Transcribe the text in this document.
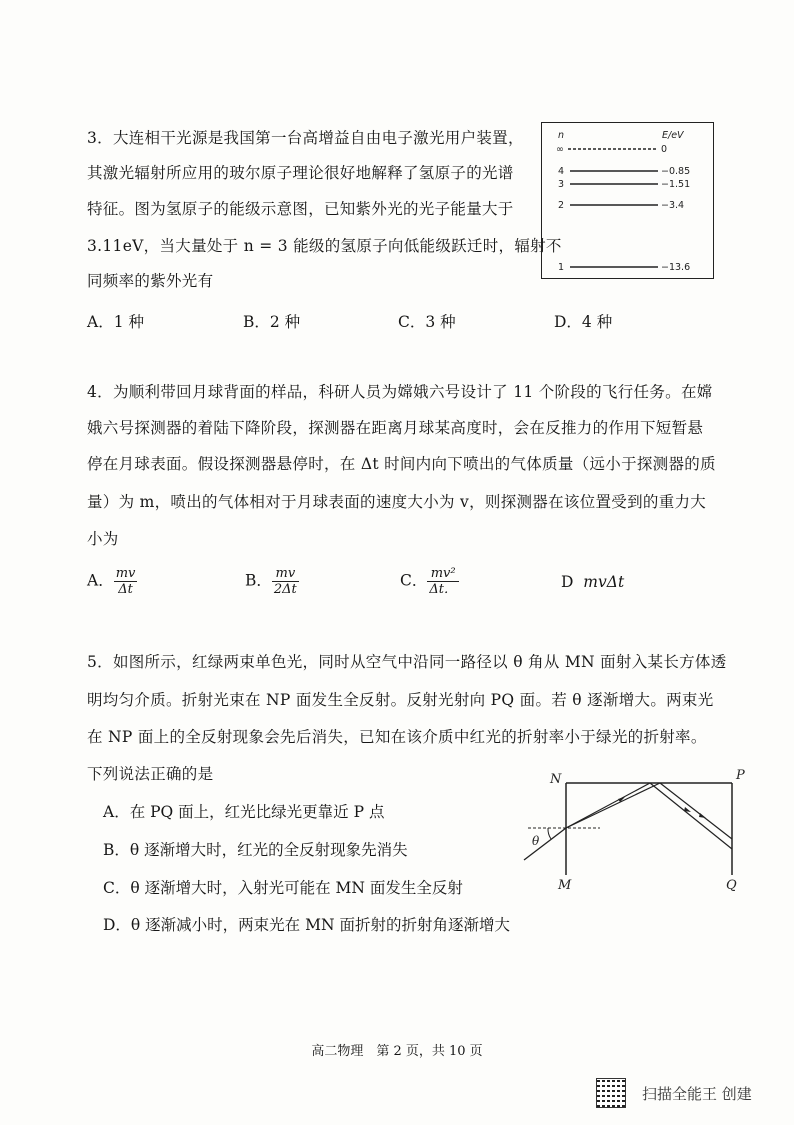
3．大连相干光源是我国第一台高增益自由电子激光用户装置，
其激光辐射所应用的玻尔原子理论很好地解释了氢原子的光谱
特征。图为氢原子的能级示意图，已知紫外光的光子能量大于
3.11eV，当大量处于 n = 3 能级的氢原子向低能级跃迁时，辐射不
同频率的紫外光有
n	E/eV
∞	0
4	−0.85
3	−1.51
2	−3.4
1	−13.6
A．1 种	B．2 种	C．3 种	D．4 种
4．为顺利带回月球背面的样品，科研人员为嫦娥六号设计了 11 个阶段的飞行任务。在嫦
娥六号探测器的着陆下降阶段，探测器在距离月球某高度时，会在反推力的作用下短暂悬
停在月球表面。假设探测器悬停时，在 Δt 时间内向下喷出的气体质量（远小于探测器的质
量）为 m，喷出的气体相对于月球表面的速度大小为 v，则探测器在该位置受到的重力大
小为
A． $\frac{mv}{\Delta t}$	B． $\frac{mv}{2\Delta t}$	C． $\frac{\text{mv²}}{\Delta t.}$	D mvΔt
5．如图所示，红绿两束单色光，同时从空气中沿同一路径以 θ 角从 MN 面射入某长方体透
明均匀介质。折射光束在 NP 面发生全反射。反射光射向 PQ 面。若 θ 逐渐增大。两束光
在 NP 面上的全反射现象会先后消失，已知在该介质中红光的折射率小于绿光的折射率。
下列说法正确的是
A．在 PQ 面上，红光比绿光更靠近 P 点
B．θ 逐渐增大时，红光的全反射现象先消失
C．θ 逐渐增大时，入射光可能在 MN 面发生全反射
D．θ 逐渐减小时，两束光在 MN 面折射的折射角逐渐增大
θ
N	P
M	Q
高二物理　第 2 页，共 10 页
扫描全能王 创建
